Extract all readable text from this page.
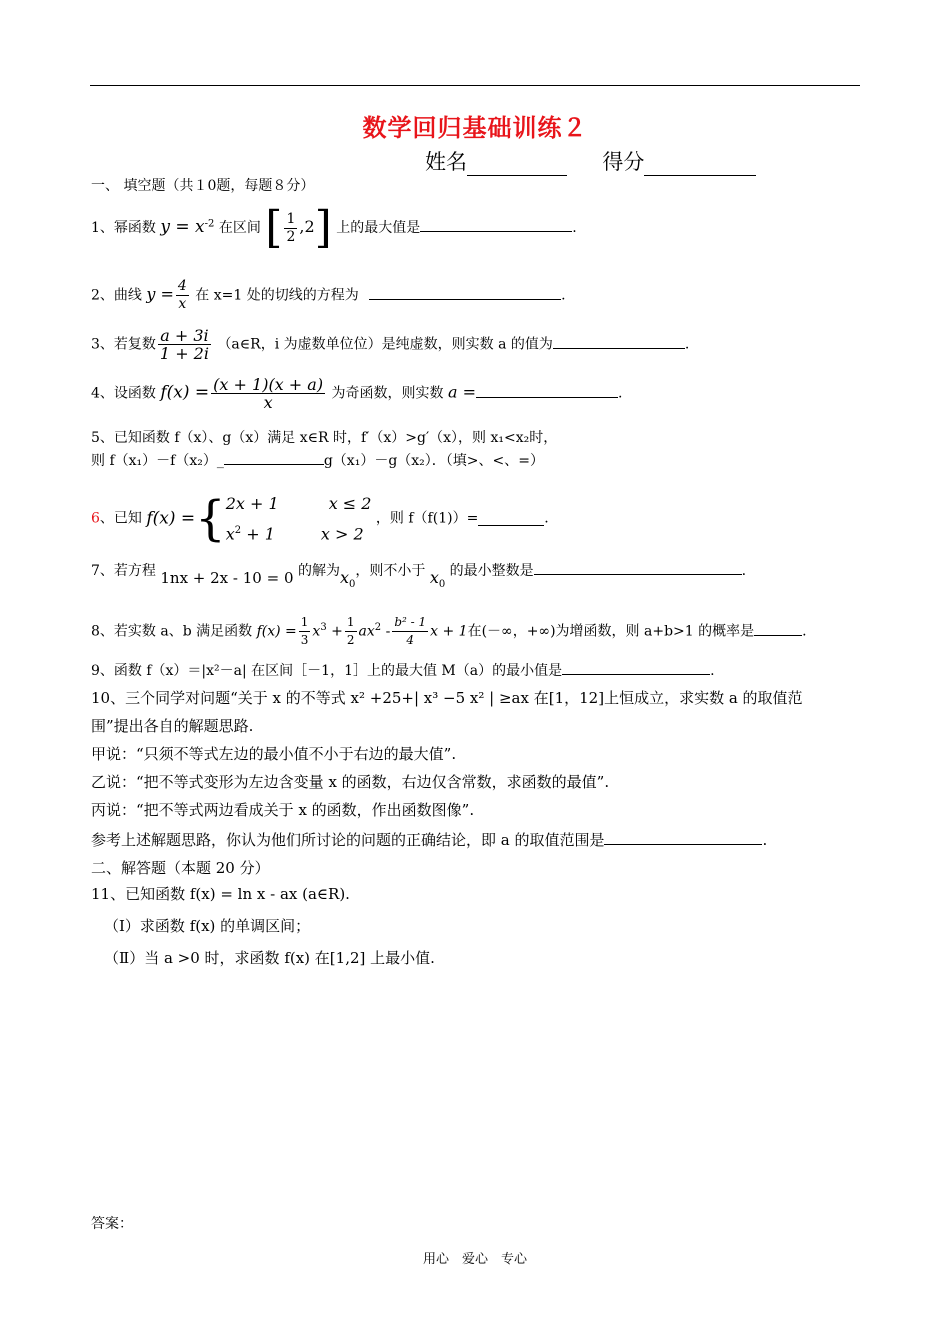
数学回归基础训练２
姓名	得分
一、 填空题（共１0题，每题８分）
1、幂函数 $y = x^{-2}$ 在区间 [ $\frac{1}{2} ,2$] 上的最大值是	.
2、曲线 $y = \frac{4}{x}$ 在 x=1 处的切线的方程为	.
3、若复数 $\frac{a + 3i}{1 + 2i}$ （a∈R，i 为虚数单位位）是纯虚数，则实数 a 的值为	.
4、设函数 $f(x) = \frac{(x + 1)(x + a)}{x}$ 为奇函数，则实数 a =	.
5、已知函数 f（x）、g（x）满足 x∈R 时，f′（x）>g′（x），则 x₁<x₂时，
则 f（x₁）－f（x₂）_	g（x₁）－g（x₂）．（填>、<、=）
6、已知 f(x) ={ 2x + 1	x ≤ 2
$x^2 + 1$	x > 2
，则 f（f(1)）=	.
7、若方程 1nx + 2x - 10 = 0 的解为$x_0$，则不小于 $x_0$ 的最小整数是	.
8、若实数 a、b 满足函数 $f(x) = \frac{1}{3} x^3 + \frac{1}{2} ax^2 - \frac{\text{b² - 1}}{4}$ x + 1在(－∞，+∞)为增函数，则 a+b>1 的概率是	.
9、函数 f（x）＝|x²－a| 在区间［－1，1］上的最大值 M（a）的最小值是	.
10、三个同学对问题“关于 x 的不等式 x² +25+| x³ −5 x² | ≥ax 在[1，12]上恒成立，求实数 a 的取值范
围”提出各自的解题思路.
甲说：“只须不等式左边的最小值不小于右边的最大值”.
乙说：“把不等式变形为左边含变量 x 的函数，右边仅含常数，求函数的最值”.
丙说：“把不等式两边看成关于 x 的函数，作出函数图像”.
参考上述解题思路，你认为他们所讨论的问题的正确结论，即 a 的取值范围是	.
二、解答题（本题 20 分）
11、已知函数 f(x) = ln x - ax (a∈R).
（Ⅰ）求函数 f(x) 的单调区间；
（Ⅱ）当 a >0 时，求函数 f(x) 在[1,2] 上最小值.
答案：
用心　爱心　专心
